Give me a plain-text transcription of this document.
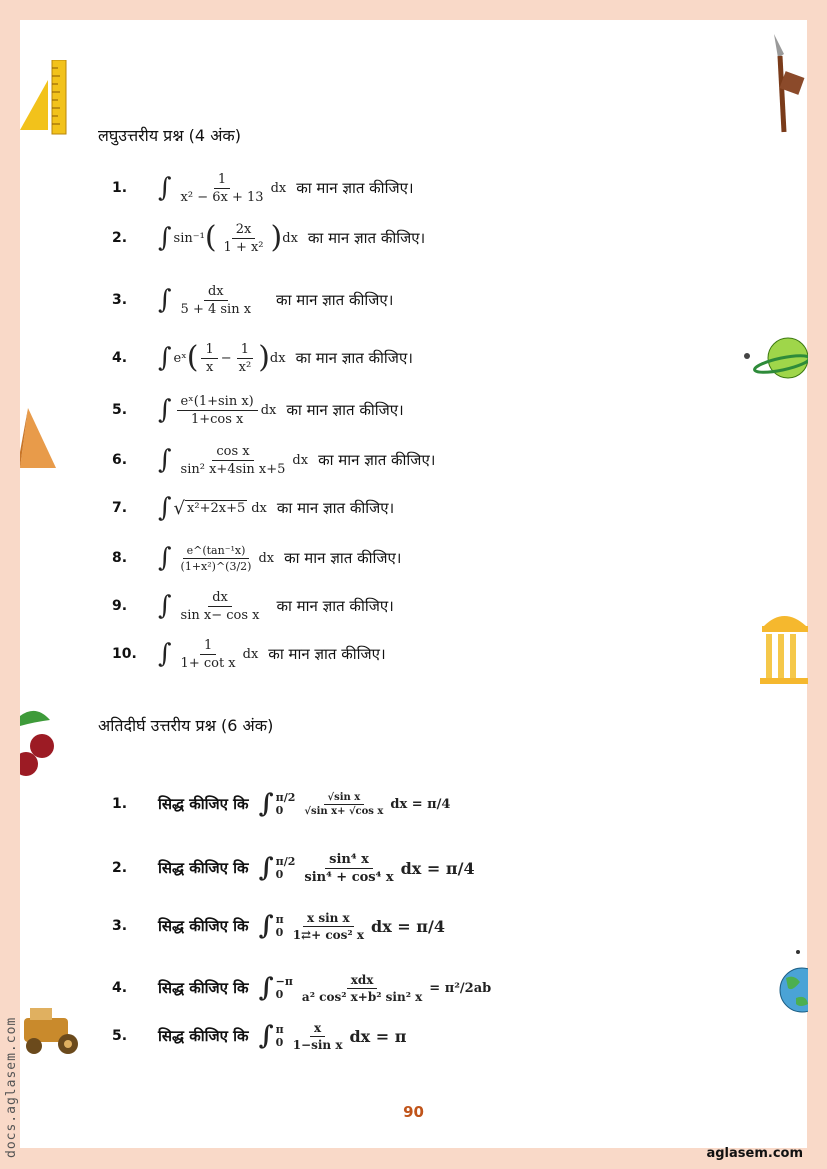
लघुउत्तरीय प्रश्न (4 अंक)
1.	∫ $\frac{1}{\text{x² − 6x + 13}}$ dx का मान ज्ञात कीजिए।
2.	∫ sin⁻¹ ( $\frac{2x}{\text{1 + x²}}$ ) dx का मान ज्ञात कीजिए।
3.	∫ $\frac{dx}{\text{5 + 4 sin x}}$ का मान ज्ञात कीजिए।
4.	∫ eˣ ( $\frac{1}{x} - \frac{1}{\text{x²}}$ ) dx का मान ज्ञात कीजिए।
5.	∫ $\frac{\text{eˣ(1+sin x)}}{\text{1+cos x}}$ dx का मान ज्ञात कीजिए।
6.	∫ $\frac{\text{cos x}}{\text{sin² x+4sin x+5}}$ dx का मान ज्ञात कीजिए।
7.	∫ √ x²+2x+5 dx का मान ज्ञात कीजिए।
8.	∫ $\frac{\text{e\textasciicircum{}(tan⁻¹x)}}{\text{(1+x²)\textasciicircum{}(3/2)}}$ dx का मान ज्ञात कीजिए।
9.	∫ $\frac{dx}{\text{sin x− cos x}}$ का मान ज्ञात कीजिए।
10. ∫ $\frac{1}{\text{1+ cot x}}$ dx का मान ज्ञात कीजिए।
अतिदीर्घ उत्तरीय प्रश्न (6 अंक)
1.	सिद्ध कीजिए कि ∫ π/2
0	$\frac{\text{√sin x}}{\text{√sin x+ √cos x}}$ dx = π/4
2.	सिद्ध कीजिए कि ∫ π/2
0	$\frac{\text{sin⁴ x}}{\text{sin⁴ + cos⁴ x}}$ dx = π/4
3.	सिद्ध कीजिए कि ∫ π
$0 \frac{\text{x sin x}}{\text{1⇄+ cos² x}}$ dx = π/4
4.	सिद्ध कीजिए कि ∫ −π
0	$\frac{\text{xdx}}{\text{a² cos² x+b² sin² x}} = \pi^2/2ab$
5.	सिद्ध कीजिए कि ∫ π
$0 \frac{x}{\text{1−sin x}}$ dx = π
90
aglasem.com
docs.aglasem.com
